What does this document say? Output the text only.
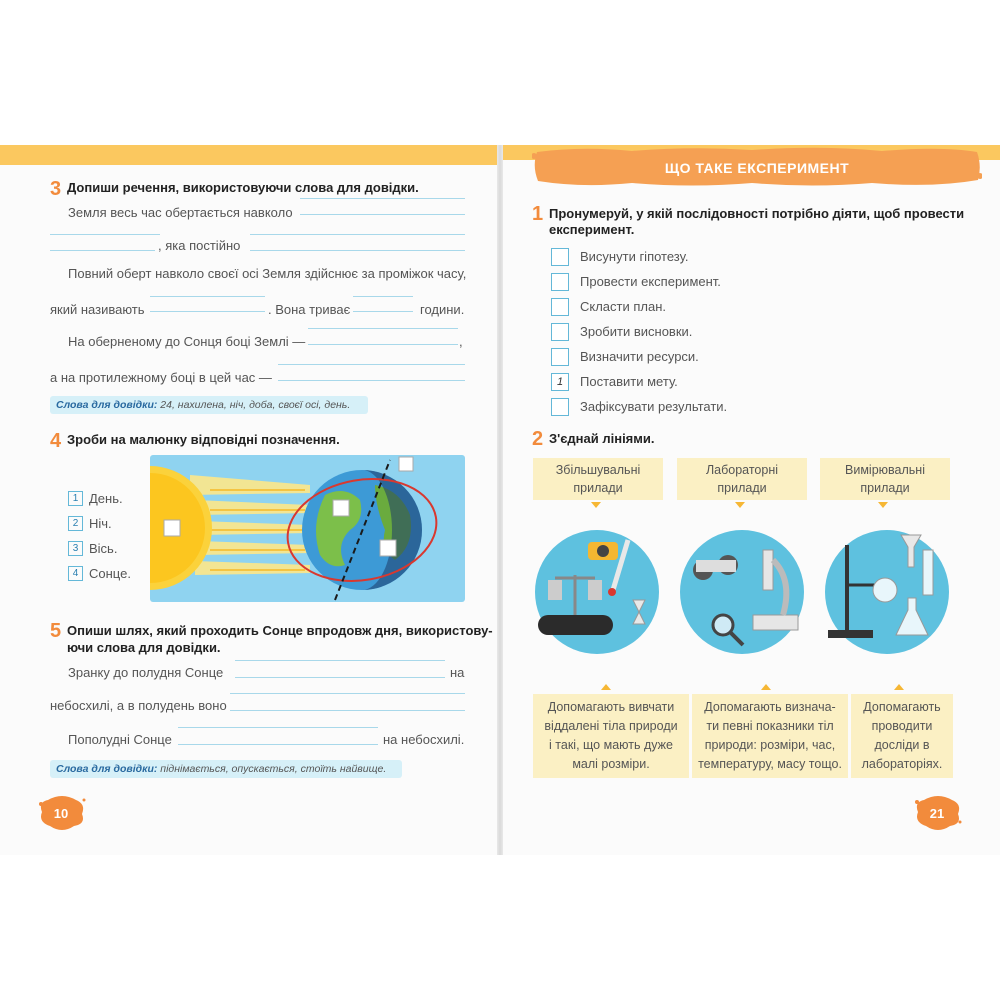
3 Допиши речення, використовуючи слова для довідки.
Земля весь час обертається навколо
, яка постійно
Повний оберт навколо своєї осі Земля здійснює за проміжок часу,
який називають	. Вона триває	години.
На оберненому до Сонця боці Землі —	,
а на протилежному боці в цей час —
Слова для довідки: 24, нахилена, ніч, доба, своєї осі, день.
4 Зроби на малюнку відповідні позначення.
1 День.
2 Ніч.
3 Вісь.
4 Сонце.
5 Опиши шлях, який проходить Сонце впродовж дня, використову-
ючи слова для довідки.
Зранку до полудня Сонце	на
небосхилі, а в полудень воно
Пополудні Сонце	на небосхилі.
Слова для довідки: піднімається, опускається, стоїть найвище.
10
ЩО ТАКЕ ЕКСПЕРИМЕНТ
1 Пронумеруй, у якій послідовності потрібно діяти, щоб провести
експеримент.
Висунути гіпотезу.
Провести експеримент.
Скласти план.
Зробити висновки.
Визначити ресурси.
1	Поставити мету.
Зафіксувати результати.
2 З'єднай лініями.
Збільшувальні
прилади
Лабораторні
прилади
Вимірювальні
прилади
Допомагають вивчати
віддалені тіла природи
і такі, що мають дуже
малі розміри.
Допомагають визнача-
ти певні показники тіл
природи: розміри, час,
температуру, масу тощо.
Допомагають
проводити
досліди в
лабораторіях.
21
